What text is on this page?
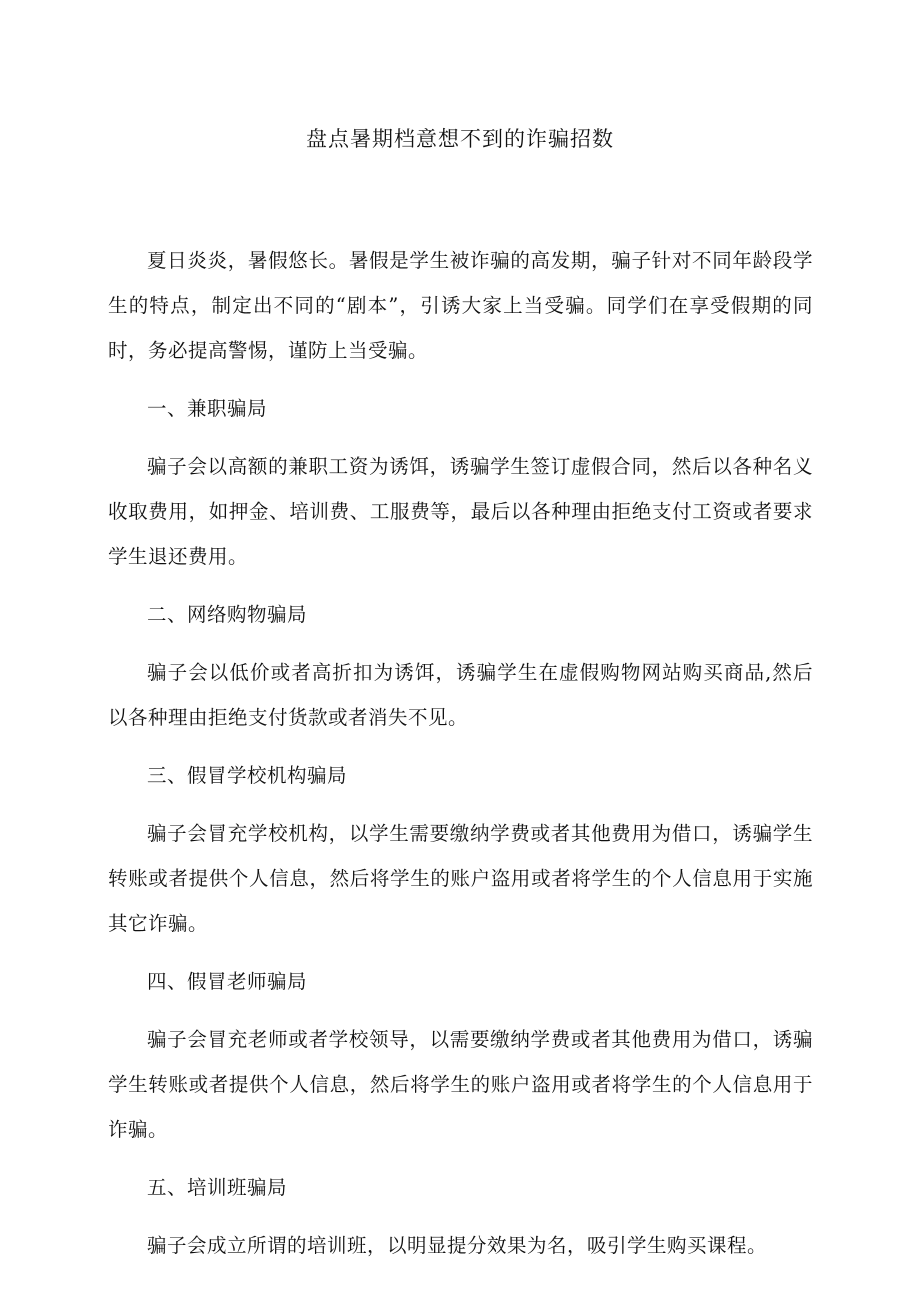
盘点暑期档意想不到的诈骗招数

夏日炎炎，暑假悠长。暑假是学生被诈骗的高发期，骗子针对不同年龄段学生的特点，制定出不同的“剧本”，引诱大家上当受骗。同学们在享受假期的同时，务必提高警惕，谨防上当受骗。

一、兼职骗局

骗子会以高额的兼职工资为诱饵，诱骗学生签订虚假合同，然后以各种名义收取费用，如押金、培训费、工服费等，最后以各种理由拒绝支付工资或者要求学生退还费用。

二、网络购物骗局

骗子会以低价或者高折扣为诱饵，诱骗学生在虚假购物网站购买商品,然后以各种理由拒绝支付货款或者消失不见。

三、假冒学校机构骗局

骗子会冒充学校机构，以学生需要缴纳学费或者其他费用为借口，诱骗学生转账或者提供个人信息，然后将学生的账户盗用或者将学生的个人信息用于实施其它诈骗。

四、假冒老师骗局

骗子会冒充老师或者学校领导，以需要缴纳学费或者其他费用为借口，诱骗学生转账或者提供个人信息，然后将学生的账户盗用或者将学生的个人信息用于诈骗。

五、培训班骗局

骗子会成立所谓的培训班，以明显提分效果为名，吸引学生购买课程。
